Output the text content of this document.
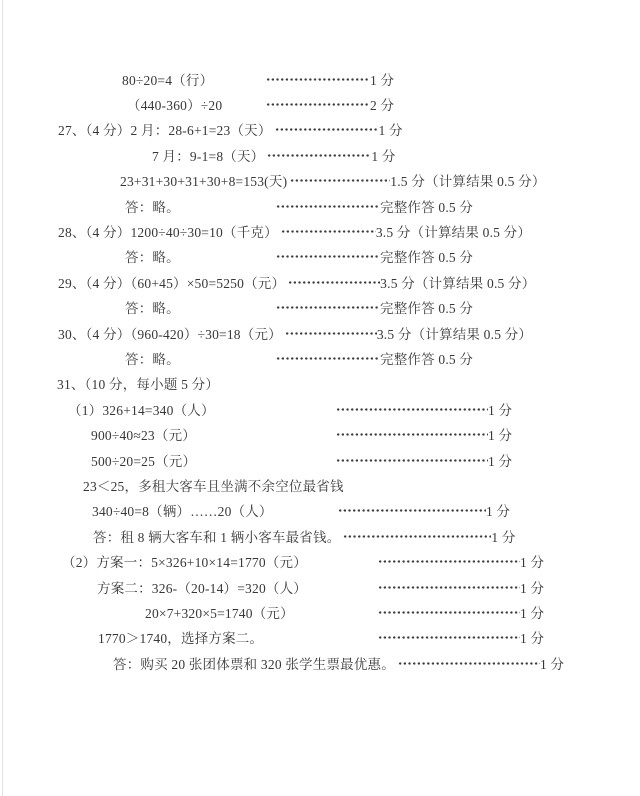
80÷20=4（行）	1 分
（440-360）÷20	2 分
27、（4 分）2 月：28-6+1=23（天）	1 分
7 月：9-1=8（天）	1 分
23+31+30+31+30+8=153(天)	1.5 分（计算结果 0.5 分）
答：略。	完整作答 0.5 分
28、（4 分）1200÷40÷30=10（千克）	3.5 分（计算结果 0.5 分）
答：略。	完整作答 0.5 分
29、（4 分）（60+45）×50=5250（元）	3.5 分（计算结果 0.5 分）
答：略。	完整作答 0.5 分
30、（4 分）（960-420）÷30=18（元）	3.5 分（计算结果 0.5 分）
答：略。	完整作答 0.5 分
31、（10 分，每小题 5 分）
（1）326+14=340（人）	1 分
900÷40≈23（元）	1 分
500÷20=25（元）	1 分
23＜25，多租大客车且坐满不余空位最省钱
340÷40=8（辆）……20（人）	1 分
答：租 8 辆大客车和 1 辆小客车最省钱。	1 分
（2）方案一：5×326+10×14=1770（元）	1 分
方案二：326-（20-14）=320（人）	1 分
20×7+320×5=1740（元）	1 分
1770＞1740，选择方案二。	1 分
答：购买 20 张团体票和 320 张学生票最优惠。	1 分
